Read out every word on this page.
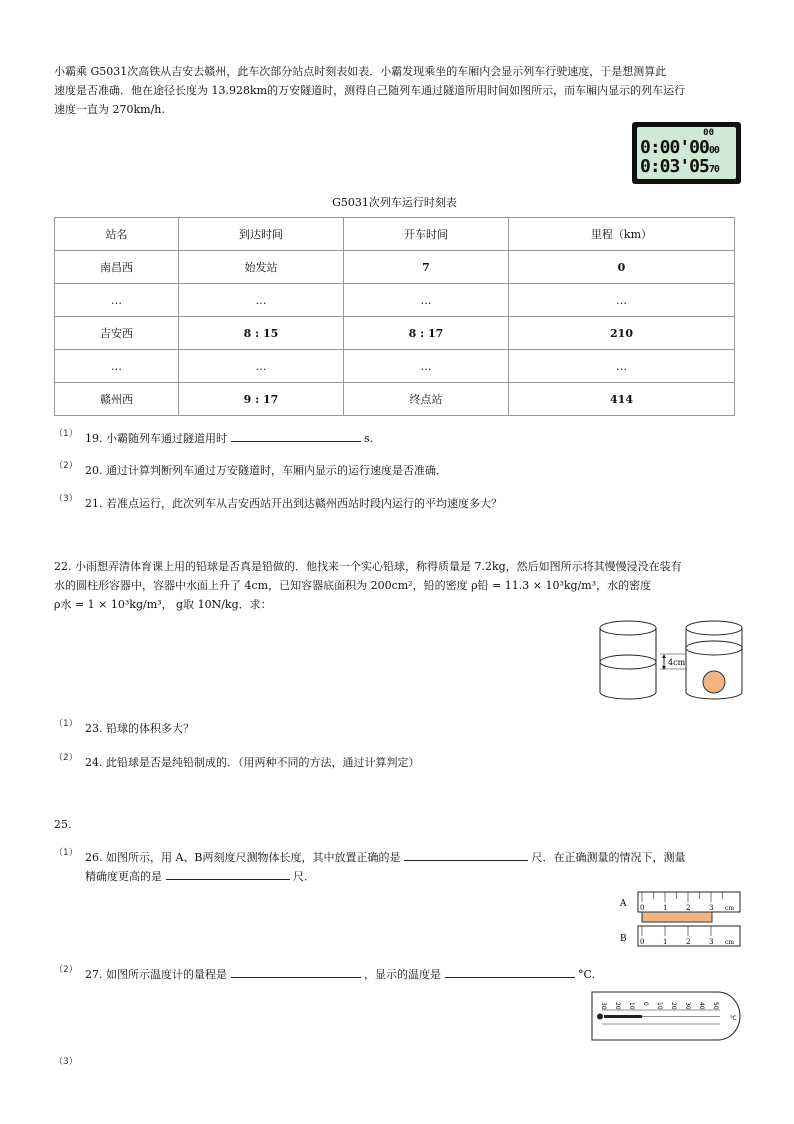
小霸乘 G5031次高铁从吉安去赣州，此车次部分站点时刻表如表．小霸发现乘坐的车厢内会显示列车行驶速度，于是想测算此
速度是否准确．他在途径长度为 13.928km的万安隧道时，测得自己随列车通过隧道所用时间如图所示，而车厢内显示的列车运行
速度一直为 270km/h.
00
0:00'0000
0:03'0570
G5031次列车运行时刻表
站名	到达时间	开车时间	里程（km）
南昌西	始发站	7	0
…	…	…	…
吉安西	8 : 15	8 : 17	210
…	…	…	…
赣州西	9 : 17	终点站	414
（1） 19. 小霸随列车通过隧道用时	s.
（2） 20. 通过计算判断列车通过万安隧道时，车厢内显示的运行速度是否准确．
（3） 21. 若准点运行，此次列车从吉安西站开出到达赣州西站时段内运行的平均速度多大？
22. 小雨想弄清体育课上用的铅球是否真是铅做的．他找来一个实心铅球，称得质量是 7.2kg，然后如图所示将其慢慢浸没在装有
水的圆柱形容器中，容器中水面上升了 4cm，已知容器底面积为 200cm²，铅的密度 ρ铅 = 11.3 × 10³kg/m³，水的密度
ρ水 = 1 × 10³kg/m³， g取 10N/kg．求：
4cm
（1） 23. 铅球的体积多大？
（2） 24. 此铅球是否是纯铅制成的．（用两种不同的方法，通过计算判定）
25.
（1） 26. 如图所示，用 A、B两刻度尺测物体长度，其中放置正确的是	尺．在正确测量的情况下，测量
精确度更高的是	尺．
A
B
0	1	2	3 cm
0	1	2	3 cm
（2） 27. 如图所示温度计的量程是	，显示的温度是	°C.
30 20 10 0 10 20 30 40 50
℃
（3）
